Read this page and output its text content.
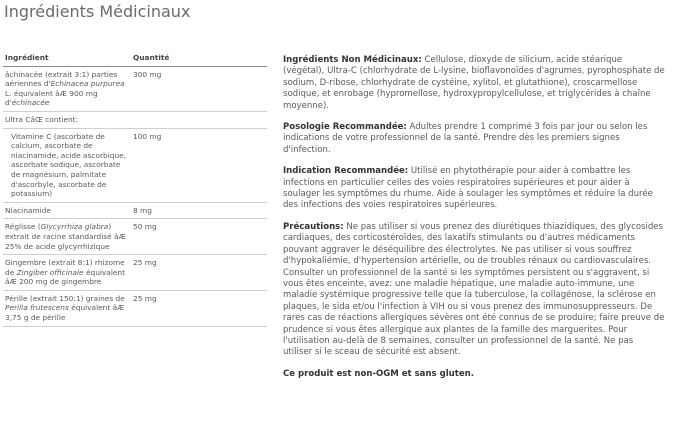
Ingrédients Médicinaux
Ingrédient	Quantité
âchinacée (extrait 3:1) parties aériennes d'Echinacea purpurea L. équivalent âÆ 900 mg d'échinacée
300 mg
Ultra CâŒ contient:
Vitamine C (ascorbate de calcium, ascorbate de niacinamide, acide ascorbique, ascorbate sodique, ascorbate de magnésium, palmitate d'ascorbyle, ascorbate de potassium)
100 mg
Niacinamide	8 mg
Réglisse (Glycyrrhiza glabra) extrait de racine standardisé âÆ 25% de acide glycyrrhizique
50 mg
Gingembre (extrait 8:1) rhizome de Zingiber officinale équivalent âÆ 200 mg de gingembre
25 mg
Pérille (extrait 150:1) graines de Perilla frutescens équivalent âÆ 3,75 g de pérille
25 mg

Ingrédients Non Médicinaux: Cellulose, dioxyde de silicium, acide stéarique (végétal), Ultra-C (chlorhydrate de L-lysine, bioflavonoïdes d'agrumes, pyrophosphate de sodium, D-ribose, chlorhydrate de cystéine, xylitol, et glutathione), croscarmellose sodique, et enrobage (hypromellose, hydroxypropylcellulose, et triglycérides à chaîne moyenne).

Posologie Recommandée: Adultes prendre 1 comprimé 3 fois par jour ou selon les indications de votre professionnel de la santé. Prendre dès les premiers signes d'infection.

Indication Recommandée: Utilisé en phytothérapie pour aider à combattre les infections en particulier celles des voies respiratoires supérieures et pour aider à soulager les symptômes du rhume. Aide à soulager les symptômes et réduire la durée des infections des voies respiratoires supérieures.

Précautions: Ne pas utiliser si vous prenez des diurétiques thiazidiques, des glycosides cardiaques, des corticostéroïdes, des laxatifs stimulants ou d'autres médicaments pouvant aggraver le déséquilibre des électrolytes. Ne pas utiliser si vous souffrez d'hypokaliémie, d'hypertension artérielle, ou de troubles rénaux ou cardiovasculaires. Consulter un professionnel de la santé si les symptômes persistent ou s'aggravent, si vous êtes enceinte, avez: une maladie hépatique, une maladie auto-immune, une maladie systémique progressive telle que la tuberculose, la collagénose, la sclérose en plaques, le sida et/ou l'infection à VIH ou si vous prenez des immunosuppresseurs. De rares cas de réactions allergiques sévères ont été connus de se produire; faire preuve de prudence si vous êtes allergique aux plantes de la famille des marguerites. Pour l'utilisation au-delà de 8 semaines, consulter un professionnel de la santé. Ne pas utiliser si le sceau de sécurité est absent.

Ce produit est non-OGM et sans gluten.
